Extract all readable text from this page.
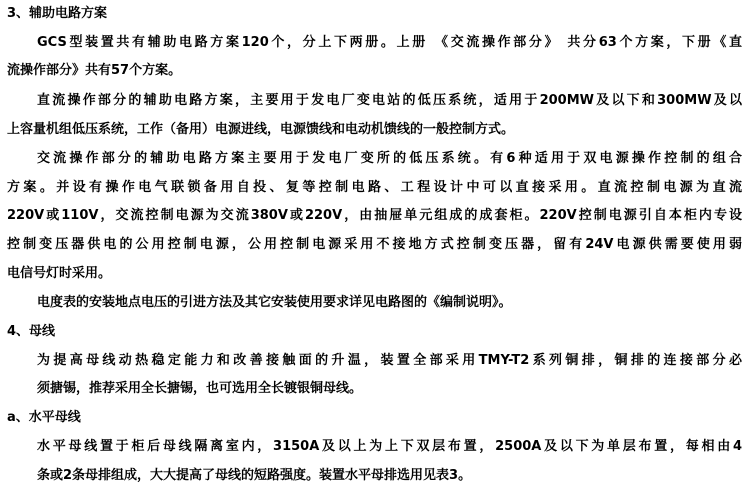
3、辅助电路方案
GCS型装置共有辅助电路方案120个，分上下两册。上册 《交流操作部分》 共分63个方案，下册《直
流操作部分》共有57个方案。
直流操作部分的辅助电路方案，主要用于发电厂变电站的低压系统，适用于200MW及以下和300MW及以
上容量机组低压系统，工作（备用）电源进线，电源馈线和电动机馈线的一般控制方式。
交流操作部分的辅助电路方案主要用于发电厂变所的低压系统。有6种适用于双电源操作控制的组合
方案。并设有操作电气联锁备用自投、复等控制电路、工程设计中可以直接采用。直流控制电源为直流
220V或110V，交流控制电源为交流380V或220V，由抽屉单元组成的成套柜。220V控制电源引自本柜内专设
控制变压器供电的公用控制电源，公用控制电源采用不接地方式控制变压器，留有24V电源供需要使用弱
电信号灯时采用。
电度表的安装地点电压的引进方法及其它安装使用要求详见电路图的《编制说明》。
4、母线
为提高母线动热稳定能力和改善接触面的升温，装置全部采用TMY-T2系列铜排，铜排的连接部分必
须搪锡，推荐采用全长搪锡，也可选用全长镀银铜母线。
a、水平母线
水平母线置于柜后母线隔离室内，3150A及以上为上下双层布置，2500A及以下为单层布置，每相由4
条或2条母排组成，大大提高了母线的短路强度。装置水平母排选用见表3。
